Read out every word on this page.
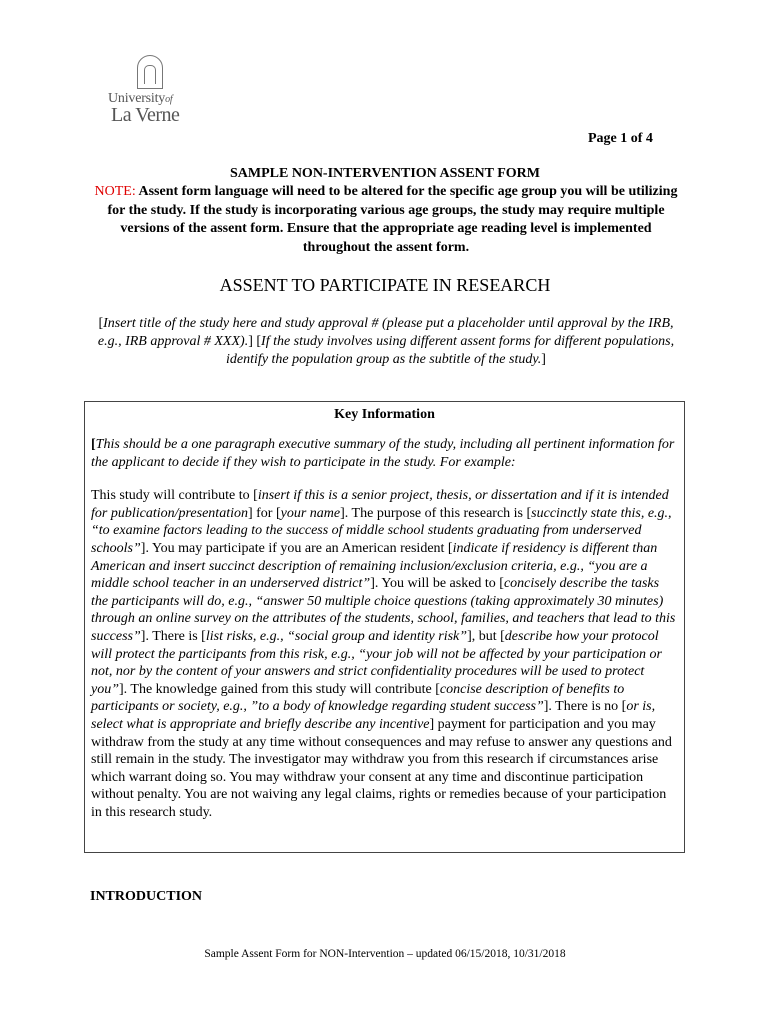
Universityof
La Verne
Page 1 of 4
SAMPLE NON-INTERVENTION ASSENT FORM
NOTE: Assent form language will need to be altered for the specific age group you will be utilizing for the study. If the study is incorporating various age groups, the study may require multiple versions of the assent form. Ensure that the appropriate age reading level is implemented throughout the assent form.
ASSENT TO PARTICIPATE IN RESEARCH
[Insert title of the study here and study approval # (please put a placeholder until approval by the IRB, e.g., IRB approval # XXX).] [If the study involves using different assent forms for different populations, identify the population group as the subtitle of the study.]
Key Information
[This should be a one paragraph executive summary of the study, including all pertinent information for the applicant to decide if they wish to participate in the study. For example:
This study will contribute to [insert if this is a senior project, thesis, or dissertation and if it is intended for publication/presentation] for [your name]. The purpose of this research is [succinctly state this, e.g., “to examine factors leading to the success of middle school students graduating from underserved schools”]. You may participate if you are an American resident [indicate if residency is different than American and insert succinct description of remaining inclusion/exclusion criteria, e.g., “you are a middle school teacher in an underserved district”]. You will be asked to [concisely describe the tasks the participants will do, e.g., “answer 50 multiple choice questions (taking approximately 30 minutes) through an online survey on the attributes of the students, school, families, and teachers that lead to this success”]. There is [list risks, e.g., “social group and identity risk”], but [describe how your protocol will protect the participants from this risk, e.g., “your job will not be affected by your participation or not, nor by the content of your answers and strict confidentiality procedures will be used to protect you”]. The knowledge gained from this study will contribute [concise description of benefits to participants or society, e.g., ”to a body of knowledge regarding student success”]. There is no [or is, select what is appropriate and briefly describe any incentive] payment for participation and you may withdraw from the study at any time without consequences and may refuse to answer any questions and still remain in the study. The investigator may withdraw you from this research if circumstances arise which warrant doing so. You may withdraw your consent at any time and discontinue participation without penalty. You are not waiving any legal claims, rights or remedies because of your participation in this research study.
INTRODUCTION
Sample Assent Form for NON-Intervention – updated 06/15/2018, 10/31/2018
